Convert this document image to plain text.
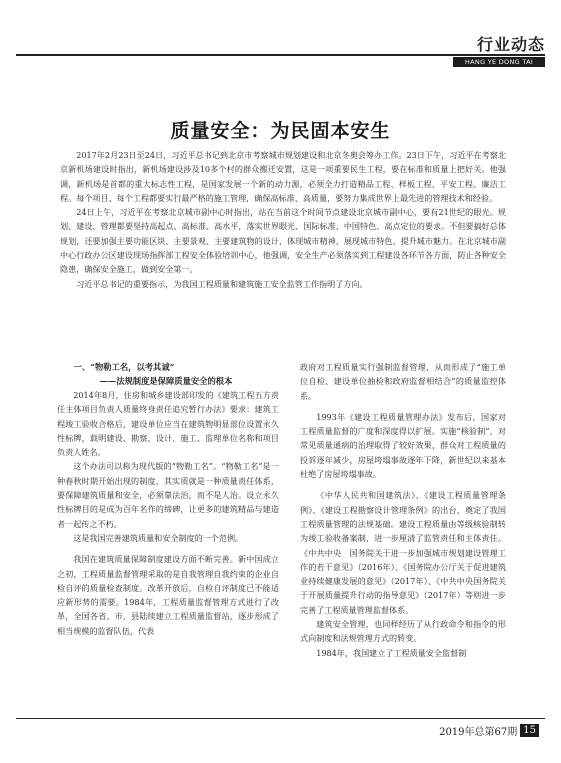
行业动态
HANG YE DONG TAI
质量安全：为民固本安生

2017年2月23日至24日，习近平总书记到北京市考察城市规划建设和北京冬奥会筹办工作。23日下午，习近平在考察北京新机场建设时指出，新机场建设涉及10多个村的群众搬迁安置，这是一项重要民生工程，要在标准和质量上把好关。他强调，新机场是首都的重大标志性工程，是国家发展一个新的动力源，必须全力打造精品工程、样板工程、平安工程、廉洁工程。每个项目、每个工程都要实行最严格的施工管理，确保高标准、高质量，要努力集成世界上最先进的管理技术和经验。

24日上午，习近平在考察北京城市副中心时指出，站在当前这个时间节点建设北京城市副中心，要有21世纪的眼光。规划、建设、管理都要坚持高起点、高标准、高水平，落实世界眼光、国际标准、中国特色、高点定位的要求。不但要搞好总体规划，还要加强主要功能区块、主要景观、主要建筑物的设计，体现城市精神、展现城市特色、提升城市魅力。在北京城市副中心行政办公区建设现场指挥部工程安全体验培训中心，他强调，安全生产必须落实到工程建设各环节各方面，防止各种安全隐患，确保安全施工，做到安全第一。

习近平总书记的重要指示，为我国工程质量和建筑施工安全监管工作指明了方向。

一、“物勒工名，以考其诚”

——法规制度是保障质量安全的根本

2014年8月，住房和城乡建设部印发的《建筑工程五方责任主体项目负责人质量终身责任追究暂行办法》要求：建筑工程竣工验收合格后，建设单位应当在建筑物明显部位设置永久性标牌，载明建设、勘察、设计、施工、监理单位名称和项目负责人姓名。

这个办法可以称为现代版的“物勒工名”。“物勒工名”是一种春秋时期开始出现的制度，其实质就是一种质量责任体系，要保障建筑质量和安全，必须靠法治，而不是人治。设立永久性标牌目的是成为百年名作的缔碑，让更多的建筑精品与建造者一起传之不朽。

这是我国完善建筑质量和安全制度的一个范例。

我国在建筑质量保障制度建设方面不断完善。新中国成立之初，工程质量监督管理采取的是自我管理自我约束的企业自检自评的质量检查制度。改革开放后，自检自评制度已不能适应新形势的需要。1984年，工程质量监督管理方式进行了改革，全国各省、市、县陆续建立工程质量监督站，逐步形成了相当规模的监督队伍，代表

政府对工程质量实行强制监督管理，从而形成了“施工单位自检、建设单位抽检和政府监督相结合”的质量监控体系。

1993年《建设工程质量管理办法》发布后，国家对工程质量监督的广度和深度得以扩展。实施“核验制”，对常见质量通病的治理取得了较好效果，群众对工程质量的投诉逐年减少，房屋垮塌事故逐年下降，新世纪以来基本杜绝了房屋垮塌事故。

《中华人民共和国建筑法》、《建设工程质量管理条例》、《建设工程勘察设计管理条例》的出台，奠定了我国工程质量管理的法规基础。建设工程质量由等级核验制转为竣工验收备案制，进一步厘清了监管责任和主体责任。《中共中央　国务院关于进一步加强城市规划建设管理工作的若干意见》（2016年）、《国务院办公厅关于促进建筑业持续健康发展的意见》（2017年）、《中共中央国务院关于开展质量提升行动的指导意见》（2017年）等则进一步完善了工程质量管理监督体系。

建筑安全管理，也同样经历了从行政命令和指令的形式向制度和法规管理方式的转变。

1984年，我国建立了工程质量安全监督制

2019年总第67期 15
